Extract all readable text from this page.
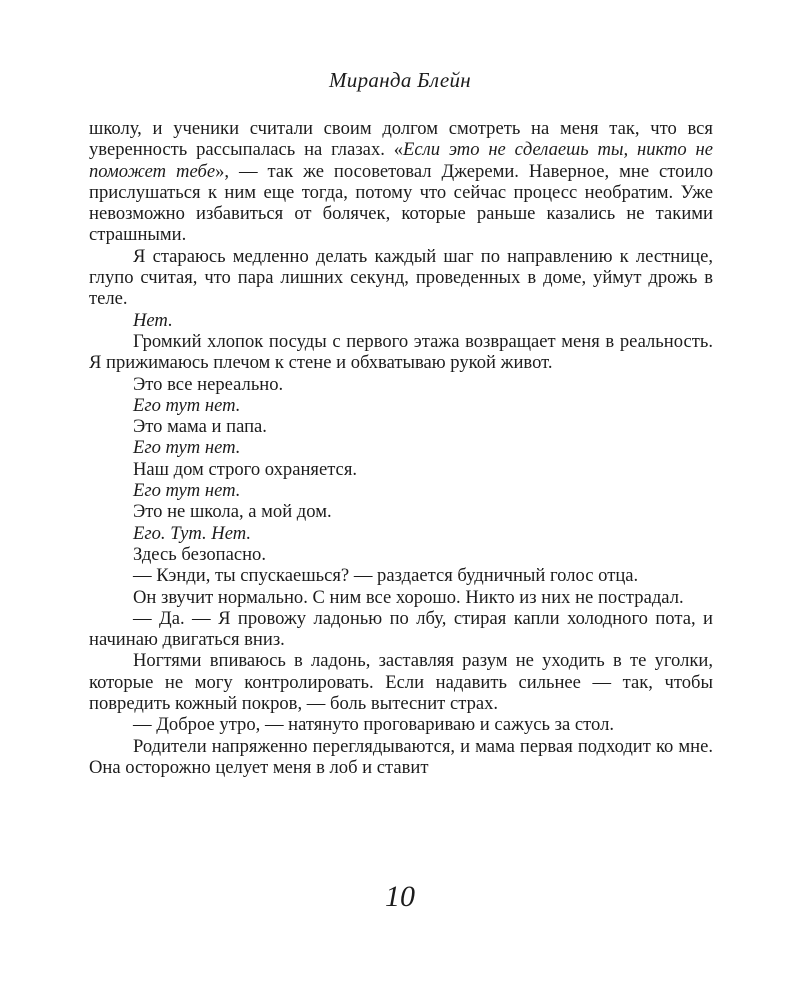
Миранда Блейн

школу, и ученики считали своим долгом смотреть на меня так, что вся уверенность рассыпалась на глазах. «Если это не сделаешь ты, никто не поможет тебе», — так же посоветовал Джереми. Наверное, мне стоило прислушаться к ним еще тогда, потому что сейчас процесс необратим. Уже невозможно избавиться от болячек, которые раньше казались не такими страшными.

Я стараюсь медленно делать каждый шаг по направлению к лестнице, глупо считая, что пара лишних секунд, проведенных в доме, уймут дрожь в теле.

Нет.

Громкий хлопок посуды с первого этажа возвращает меня в реальность. Я прижимаюсь плечом к стене и обхватываю рукой живот.

Это все нереально.

Его тут нет.

Это мама и папа.

Его тут нет.

Наш дом строго охраняется.

Его тут нет.

Это не школа, а мой дом.

Его. Тут. Нет.

Здесь безопасно.

— Кэнди, ты спускаешься? — раздается будничный голос отца.

Он звучит нормально. С ним все хорошо. Никто из них не пострадал.

— Да. — Я провожу ладонью по лбу, стирая капли холодного пота, и начинаю двигаться вниз.

Ногтями впиваюсь в ладонь, заставляя разум не уходить в те уголки, которые не могу контролировать. Если надавить сильнее — так, чтобы повредить кожный покров, — боль вытеснит страх.

— Доброе утро, — натянуто проговариваю и сажусь за стол.

Родители напряженно переглядываются, и мама первая подходит ко мне. Она осторожно целует меня в лоб и ставит

10
